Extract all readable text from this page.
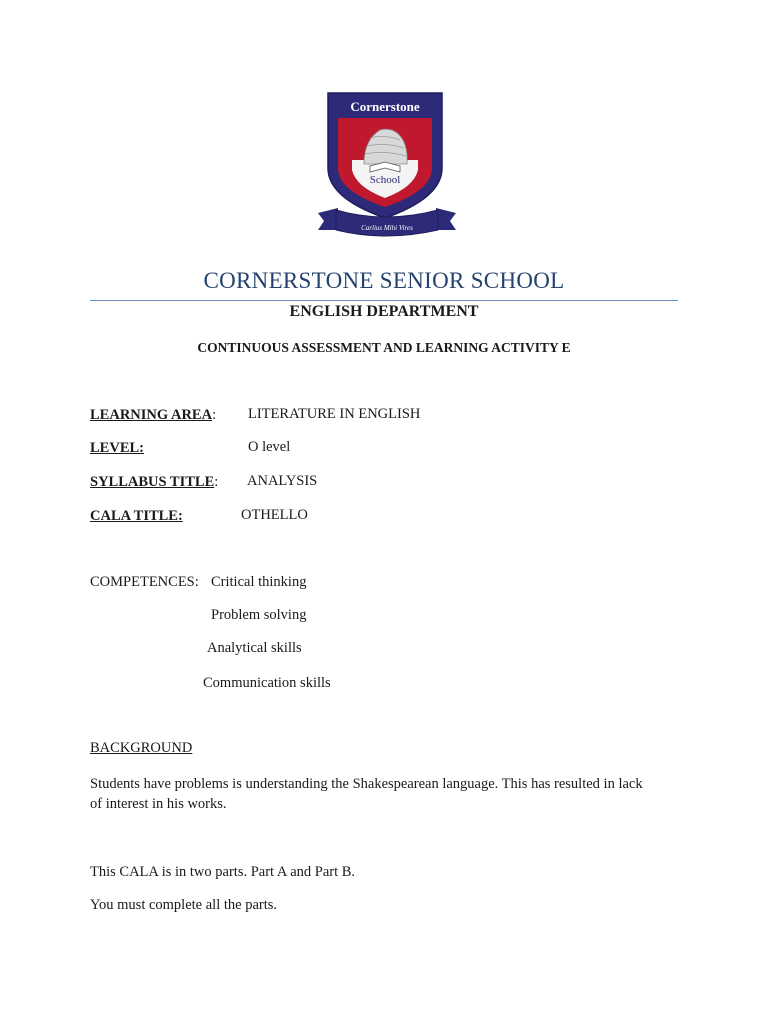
Cornerstone
School
Carlius Mihi Vires
CORNERSTONE SENIOR SCHOOL
ENGLISH DEPARTMENT
CONTINUOUS ASSESSMENT AND LEARNING ACTIVITY E
LEARNING AREA: LITERATURE IN ENGLISH
LEVEL:	O level
SYLLABUS TITLE: ANALYSIS
CALA TITLE:	OTHELLO
COMPETENCES: Critical thinking
Problem solving
Analytical skills
Communication skills
BACKGROUND
Students have problems is understanding the Shakespearean language. This has resulted in lack
of interest in his works.
This CALA is in two parts. Part A and Part B.
You must complete all the parts.
